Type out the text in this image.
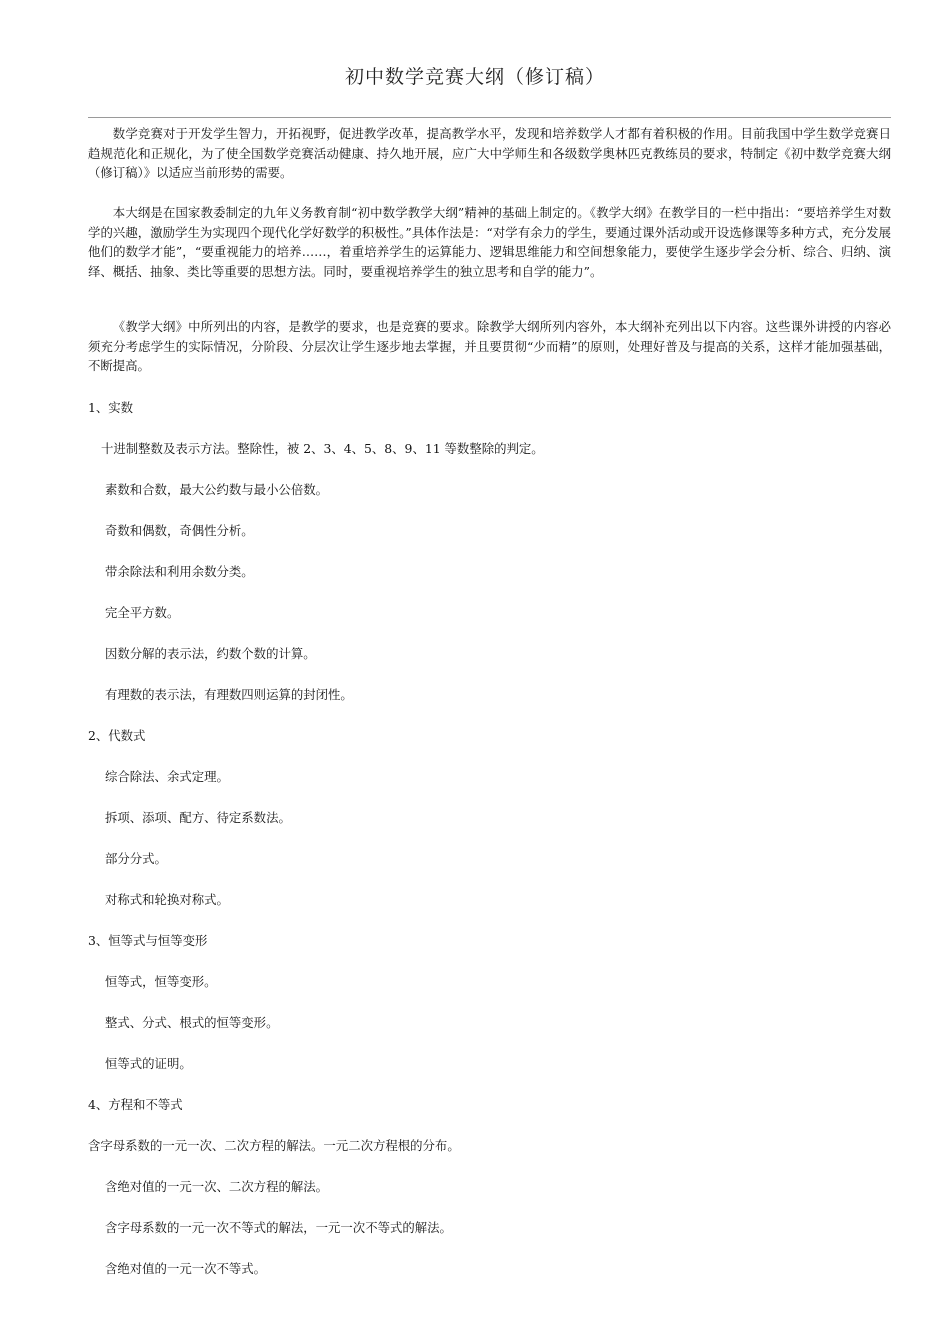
初中数学竞赛大纲（修订稿）

数学竞赛对于开发学生智力，开拓视野，促进教学改革，提高教学水平，发现和培养数学人才都有着积极的作用。目前我国中学生数学竞赛日趋规范化和正规化，为了使全国数学竞赛活动健康、持久地开展，应广大中学师生和各级数学奥林匹克教练员的要求，特制定《初中数学竞赛大纲（修订稿）》以适应当前形势的需要。

本大纲是在国家教委制定的九年义务教育制“初中数学教学大纲”精神的基础上制定的。《教学大纲》在教学目的一栏中指出：“要培养学生对数学的兴趣，激励学生为实现四个现代化学好数学的积极性。”具体作法是：“对学有余力的学生，要通过课外活动或开设选修课等多种方式，充分发展他们的数学才能”，“要重视能力的培养……，着重培养学生的运算能力、逻辑思维能力和空间想象能力，要使学生逐步学会分析、综合、归纳、演绎、概括、抽象、类比等重要的思想方法。同时，要重视培养学生的独立思考和自学的能力”。

《教学大纲》中所列出的内容，是教学的要求，也是竞赛的要求。除教学大纲所列内容外，本大纲补充列出以下内容。这些课外讲授的内容必须充分考虑学生的实际情况，分阶段、分层次让学生逐步地去掌握，并且要贯彻“少而精”的原则，处理好普及与提高的关系，这样才能加强基础，不断提高。

1、实数

十进制整数及表示方法。整除性，被 2、3、4、5、8、9、11 等数整除的判定。

素数和合数，最大公约数与最小公倍数。

奇数和偶数，奇偶性分析。

带余除法和利用余数分类。

完全平方数。

因数分解的表示法，约数个数的计算。

有理数的表示法，有理数四则运算的封闭性。

2、代数式

综合除法、余式定理。

拆项、添项、配方、待定系数法。

部分分式。

对称式和轮换对称式。

3、恒等式与恒等变形

恒等式，恒等变形。

整式、分式、根式的恒等变形。

恒等式的证明。

4、方程和不等式

含字母系数的一元一次、二次方程的解法。一元二次方程根的分布。

含绝对值的一元一次、二次方程的解法。

含字母系数的一元一次不等式的解法，一元一次不等式的解法。

含绝对值的一元一次不等式。
